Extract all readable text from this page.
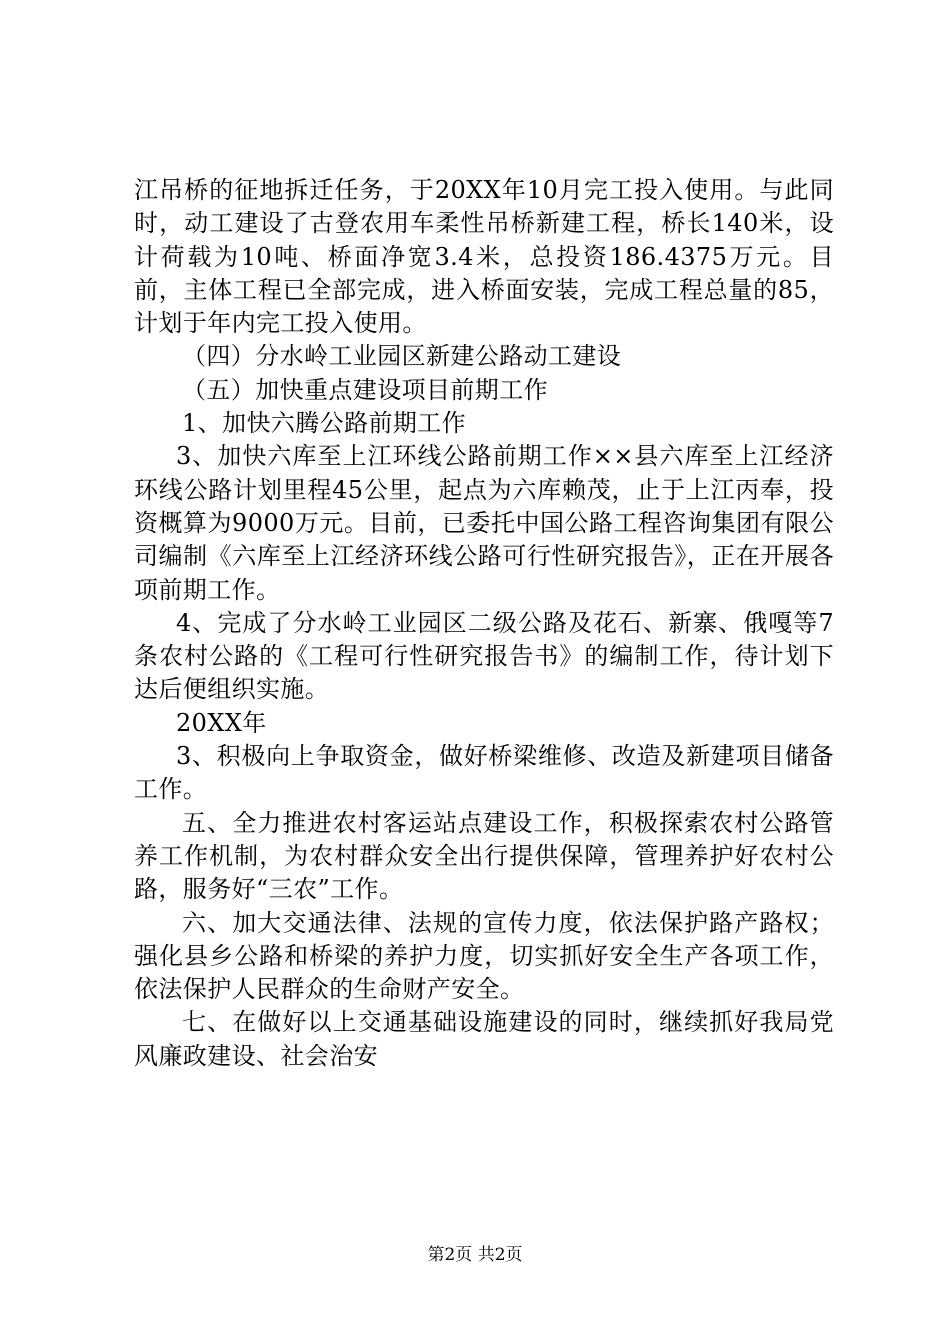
江吊桥的征地拆迁任务，于20XX年10月完工投入使用。与此同时，动工建设了古登农用车柔性吊桥新建工程，桥长140米，设计荷载为10吨、桥面净宽3.4米，总投资186.4375万元。目前，主体工程已全部完成，进入桥面安装，完成工程总量的85，计划于年内完工投入使用。

（四）分水岭工业园区新建公路动工建设

（五）加快重点建设项目前期工作

1、加快六腾公路前期工作

3、加快六库至上江环线公路前期工作××县六库至上江经济环线公路计划里程45公里，起点为六库赖茂，止于上江丙奉，投资概算为9000万元。目前，已委托中国公路工程咨询集团有限公司编制《六库至上江经济环线公路可行性研究报告》，正在开展各项前期工作。

4、完成了分水岭工业园区二级公路及花石、新寨、俄嘎等7条农村公路的《工程可行性研究报告书》的编制工作，待计划下达后便组织实施。

20XX年

3、积极向上争取资金，做好桥梁维修、改造及新建项目储备工作。

五、全力推进农村客运站点建设工作，积极探索农村公路管养工作机制，为农村群众安全出行提供保障，管理养护好农村公路，服务好“三农”工作。

六、加大交通法律、法规的宣传力度，依法保护路产路权；强化县乡公路和桥梁的养护力度，切实抓好安全生产各项工作，依法保护人民群众的生命财产安全。

七、在做好以上交通基础设施建设的同时，继续抓好我局党风廉政建设、社会治安

第2页 共2页
